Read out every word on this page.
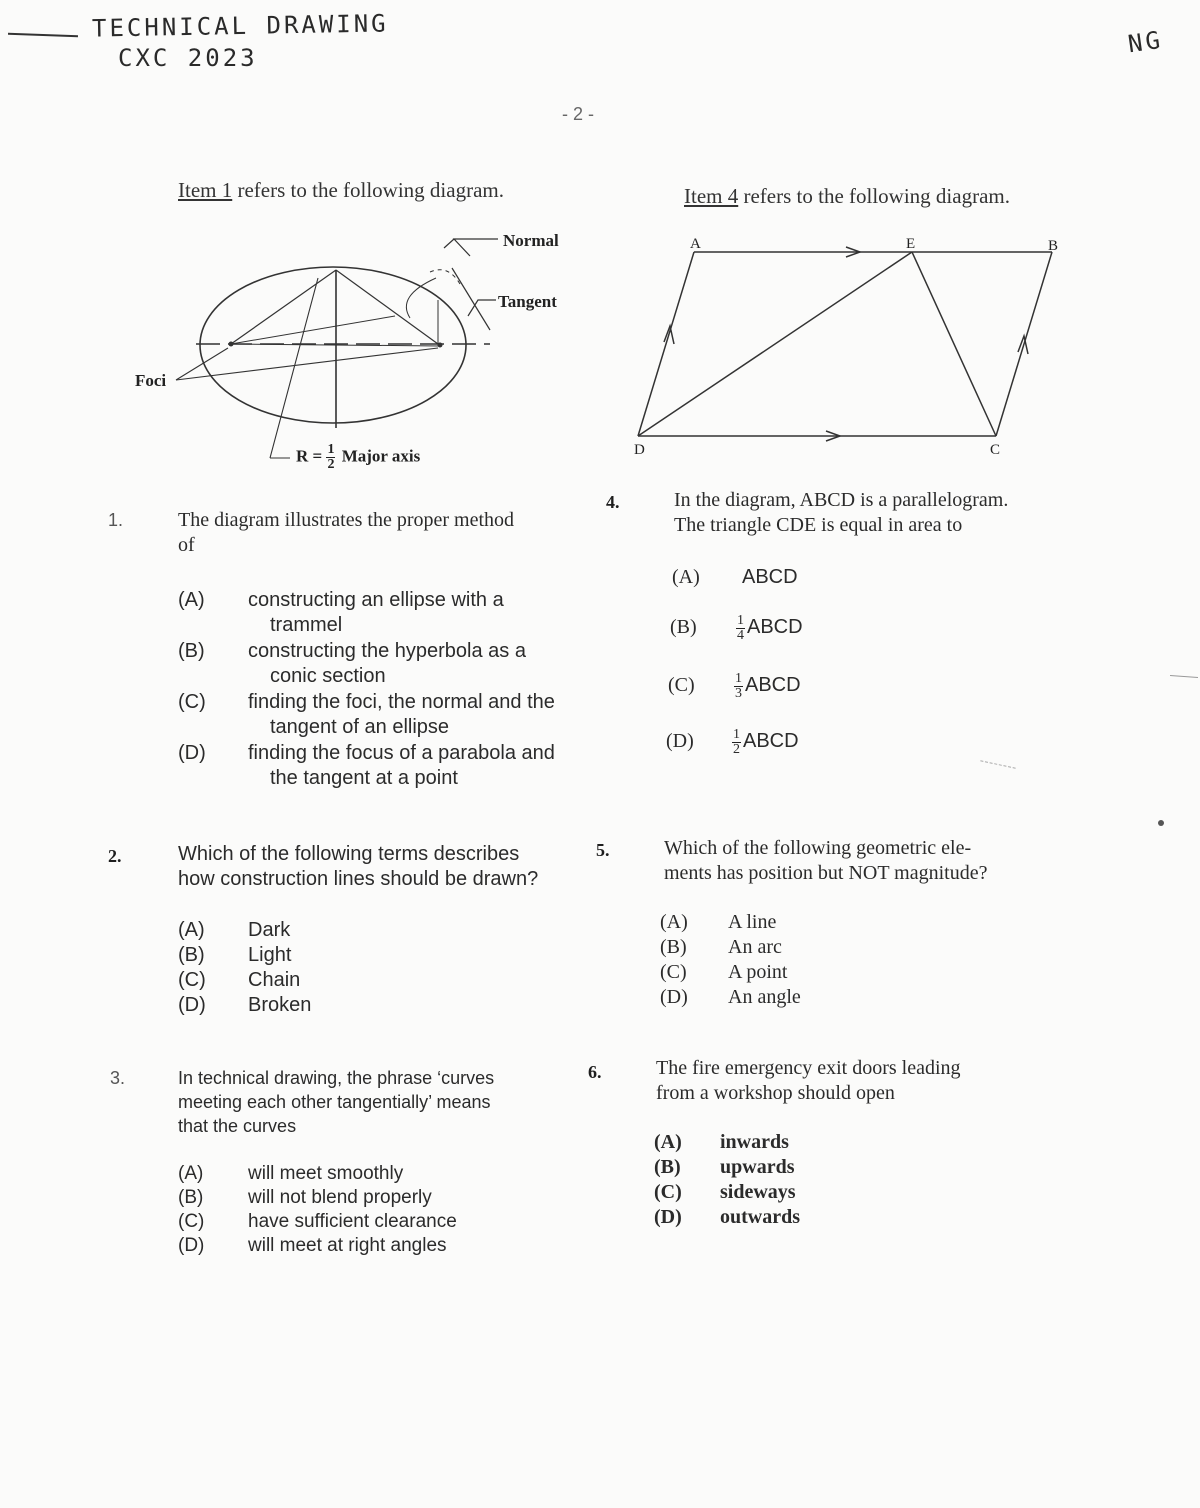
TECHNICAL DRAWING
CXC 2023	NG
- 2 -
Item 1 refers to the following diagram.
Normal
Tangent
Foci
$R = \frac{1}{2}$ Major axis
Item 4 refers to the following diagram.
A	E	B
D	C
1.	The diagram illustrates the proper method
of
(A) constructing an ellipse with a
trammel
(B) constructing the hyperbola as a
conic section
(C) finding the foci, the normal and the
tangent of an ellipse
(D) finding the focus of a parabola and
the tangent at a point
2.	Which of the following terms describes
how construction lines should be drawn?
(A) Dark
(B) Light
(C) Chain
(D) Broken
3.	In technical drawing, the phrase ‘curves
meeting each other tangentially’ means
that the curves
(A) will meet smoothly
(B) will not blend properly
(C) have sufficient clearance
(D) will meet at right angles
4.	In the diagram, ABCD is a parallelogram.
The triangle CDE is equal in area to
(A) ABCD
(B)	$\frac{1}{4}$ ABCD
(C)	$\frac{1}{3}$ ABCD
(D)	$\frac{1}{2}$ ABCD
5.	Which of the following geometric ele-
ments has position but NOT magnitude?
(A) A line
(B) An arc
(C) A point
(D) An angle
6.	The fire emergency exit doors leading
from a workshop should open
(A) inwards
(B) upwards
(C) sideways
(D) outwards
